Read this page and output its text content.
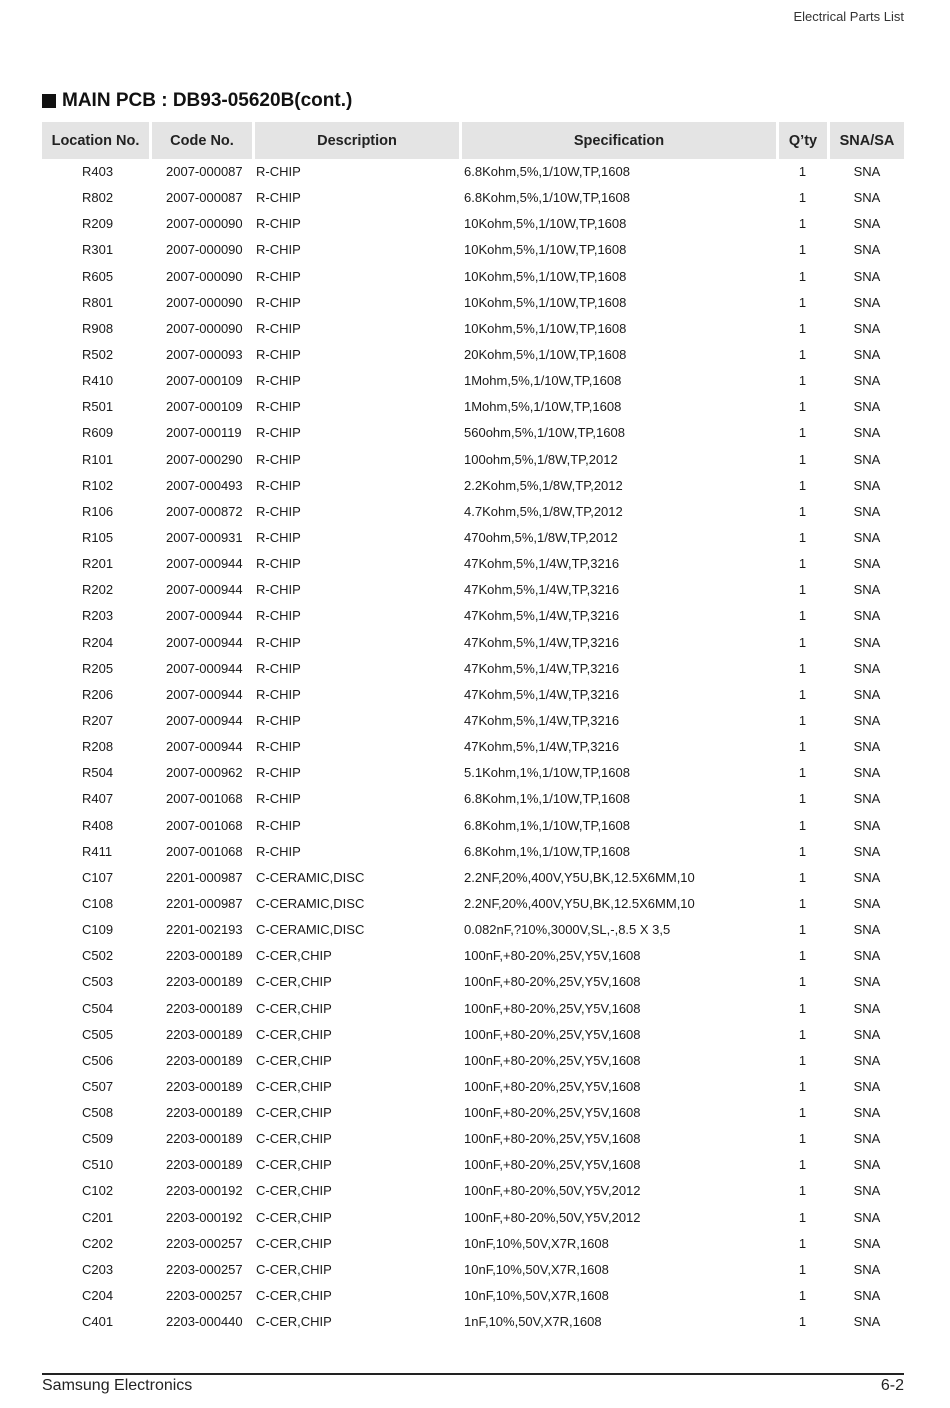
Electrical Parts List
MAIN PCB : DB93-05620B(cont.)
Location No.	Code No.	Description	Specification	Q’ty	SNA/SA
R403	2007-000087 R-CHIP	6.8Kohm,5%,1/10W,TP,1608	1	SNA
R802	2007-000087 R-CHIP	6.8Kohm,5%,1/10W,TP,1608	1	SNA
R209	2007-000090 R-CHIP	10Kohm,5%,1/10W,TP,1608	1	SNA
R301	2007-000090 R-CHIP	10Kohm,5%,1/10W,TP,1608	1	SNA
R605	2007-000090 R-CHIP	10Kohm,5%,1/10W,TP,1608	1	SNA
R801	2007-000090 R-CHIP	10Kohm,5%,1/10W,TP,1608	1	SNA
R908	2007-000090 R-CHIP	10Kohm,5%,1/10W,TP,1608	1	SNA
R502	2007-000093 R-CHIP	20Kohm,5%,1/10W,TP,1608	1	SNA
R410	2007-000109 R-CHIP	1Mohm,5%,1/10W,TP,1608	1	SNA
R501	2007-000109 R-CHIP	1Mohm,5%,1/10W,TP,1608	1	SNA
R609	2007-000119 R-CHIP	560ohm,5%,1/10W,TP,1608	1	SNA
R101	2007-000290 R-CHIP	100ohm,5%,1/8W,TP,2012	1	SNA
R102	2007-000493 R-CHIP	2.2Kohm,5%,1/8W,TP,2012	1	SNA
R106	2007-000872 R-CHIP	4.7Kohm,5%,1/8W,TP,2012	1	SNA
R105	2007-000931 R-CHIP	470ohm,5%,1/8W,TP,2012	1	SNA
R201	2007-000944 R-CHIP	47Kohm,5%,1/4W,TP,3216	1	SNA
R202	2007-000944 R-CHIP	47Kohm,5%,1/4W,TP,3216	1	SNA
R203	2007-000944 R-CHIP	47Kohm,5%,1/4W,TP,3216	1	SNA
R204	2007-000944 R-CHIP	47Kohm,5%,1/4W,TP,3216	1	SNA
R205	2007-000944 R-CHIP	47Kohm,5%,1/4W,TP,3216	1	SNA
R206	2007-000944 R-CHIP	47Kohm,5%,1/4W,TP,3216	1	SNA
R207	2007-000944 R-CHIP	47Kohm,5%,1/4W,TP,3216	1	SNA
R208	2007-000944 R-CHIP	47Kohm,5%,1/4W,TP,3216	1	SNA
R504	2007-000962 R-CHIP	5.1Kohm,1%,1/10W,TP,1608	1	SNA
R407	2007-001068 R-CHIP	6.8Kohm,1%,1/10W,TP,1608	1	SNA
R408	2007-001068 R-CHIP	6.8Kohm,1%,1/10W,TP,1608	1	SNA
R411	2007-001068 R-CHIP	6.8Kohm,1%,1/10W,TP,1608	1	SNA
C107	2201-000987 C-CERAMIC,DISC	2.2NF,20%,400V,Y5U,BK,12.5X6MM,10	1	SNA
C108	2201-000987 C-CERAMIC,DISC	2.2NF,20%,400V,Y5U,BK,12.5X6MM,10	1	SNA
C109	2201-002193 C-CERAMIC,DISC	0.082nF,?10%,3000V,SL,-,8.5 X 3,5	1	SNA
C502	2203-000189 C-CER,CHIP	100nF,+80-20%,25V,Y5V,1608	1	SNA
C503	2203-000189 C-CER,CHIP	100nF,+80-20%,25V,Y5V,1608	1	SNA
C504	2203-000189 C-CER,CHIP	100nF,+80-20%,25V,Y5V,1608	1	SNA
C505	2203-000189 C-CER,CHIP	100nF,+80-20%,25V,Y5V,1608	1	SNA
C506	2203-000189 C-CER,CHIP	100nF,+80-20%,25V,Y5V,1608	1	SNA
C507	2203-000189 C-CER,CHIP	100nF,+80-20%,25V,Y5V,1608	1	SNA
C508	2203-000189 C-CER,CHIP	100nF,+80-20%,25V,Y5V,1608	1	SNA
C509	2203-000189 C-CER,CHIP	100nF,+80-20%,25V,Y5V,1608	1	SNA
C510	2203-000189 C-CER,CHIP	100nF,+80-20%,25V,Y5V,1608	1	SNA
C102	2203-000192 C-CER,CHIP	100nF,+80-20%,50V,Y5V,2012	1	SNA
C201	2203-000192 C-CER,CHIP	100nF,+80-20%,50V,Y5V,2012	1	SNA
C202	2203-000257 C-CER,CHIP	10nF,10%,50V,X7R,1608	1	SNA
C203	2203-000257 C-CER,CHIP	10nF,10%,50V,X7R,1608	1	SNA
C204	2203-000257 C-CER,CHIP	10nF,10%,50V,X7R,1608	1	SNA
C401	2203-000440 C-CER,CHIP	1nF,10%,50V,X7R,1608	1	SNA
Samsung Electronics	6-2
